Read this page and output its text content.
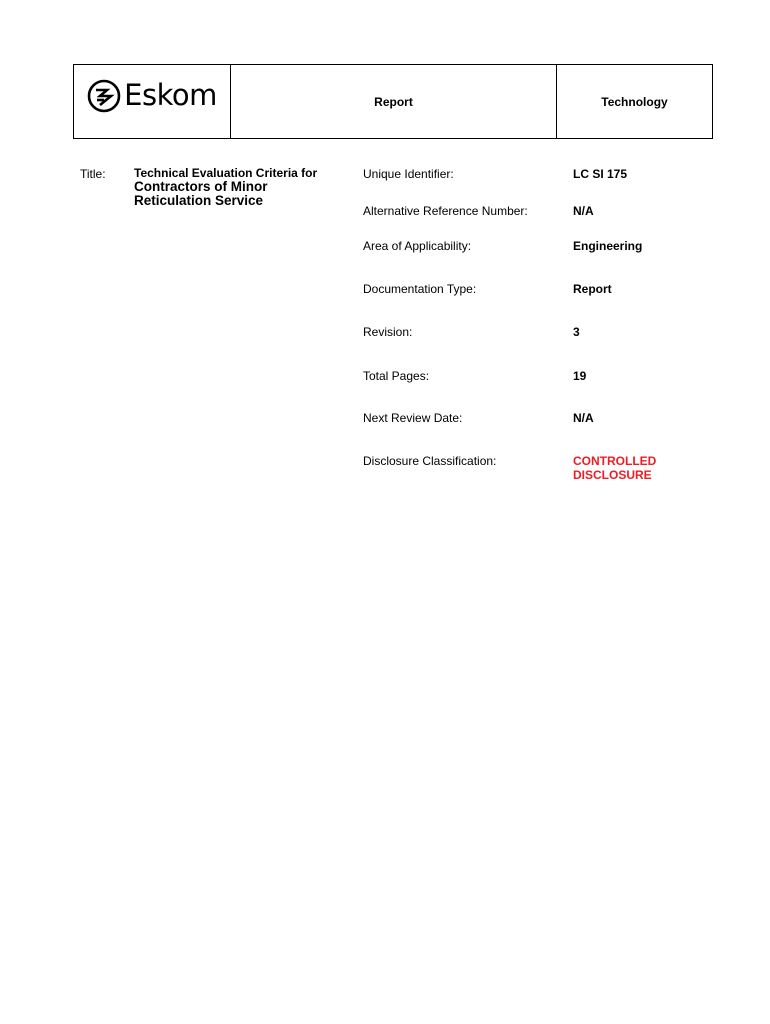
Eskom	Report	Technology
Title: Technical Evaluation Criteria for
Contractors of Minor
Reticulation Service
Unique Identifier:	LC SI 175
Alternative Reference Number:	N/A
Area of Applicability:	Engineering
Documentation Type:	Report
Revision:	3
Total Pages:	19
Next Review Date:	N/A
Disclosure Classification:	CONTROLLED
DISCLOSURE
